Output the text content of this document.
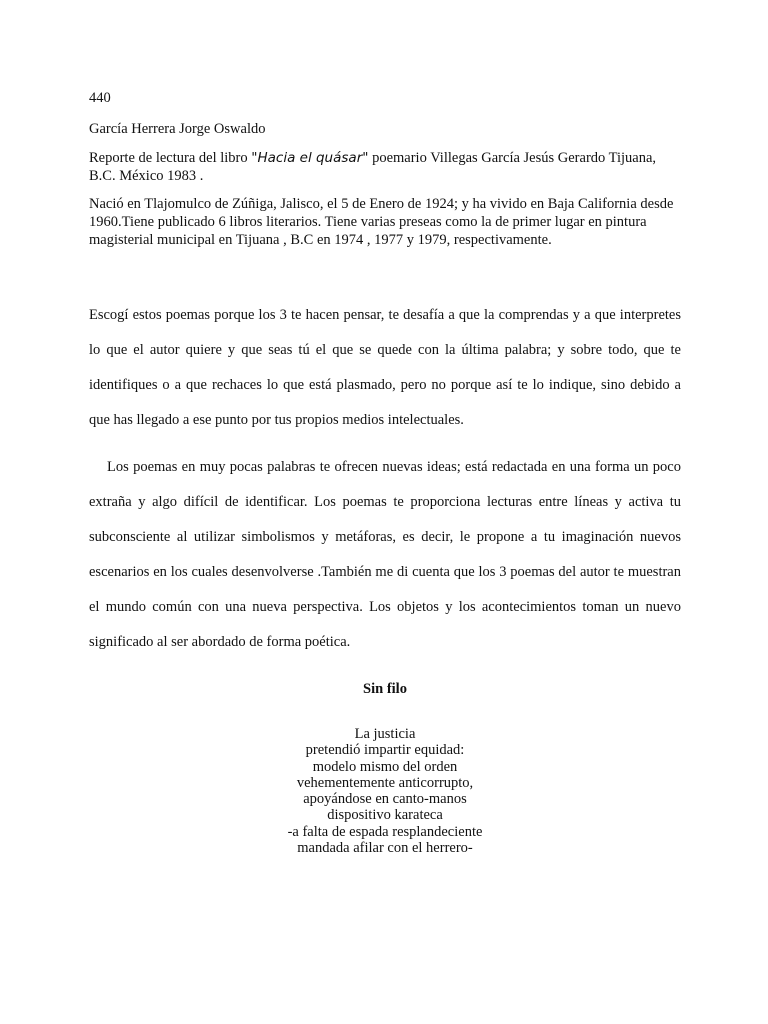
440

García Herrera Jorge Oswaldo

Reporte de lectura del libro "Hacia el quásar" poemario Villegas García Jesús Gerardo Tijuana, B.C. México 1983 .

Nació en Tlajomulco de Zúñiga, Jalisco, el 5 de Enero de 1924; y ha vivido en Baja California desde 1960.Tiene publicado 6 libros literarios. Tiene varias preseas como la de primer lugar en pintura magisterial municipal en Tijuana , B.C en 1974 , 1977 y 1979, respectivamente.

Escogí estos poemas porque los 3 te hacen pensar, te desafía a que la comprendas y a que interpretes lo que el autor quiere y que seas tú el que se quede con la última palabra; y sobre todo, que te identifiques o a que rechaces lo que está plasmado, pero no porque así te lo indique, sino debido a que has llegado a ese punto por tus propios medios intelectuales.

Los poemas en muy pocas palabras te ofrecen nuevas ideas; está redactada en una forma un poco extraña y algo difícil de identificar. Los poemas te proporciona lecturas entre líneas y activa tu subconsciente al utilizar simbolismos y metáforas, es decir, le propone a tu imaginación nuevos escenarios en los cuales desenvolverse .También me di cuenta que los 3 poemas del autor te muestran el mundo común con una nueva perspectiva. Los objetos y los acontecimientos toman un nuevo significado al ser abordado de forma poética.

Sin filo

La justicia
pretendió impartir equidad:
modelo mismo del orden
vehementemente anticorrupto,
apoyándose en canto-manos
dispositivo karateca
-a falta de espada resplandeciente
mandada afilar con el herrero-
